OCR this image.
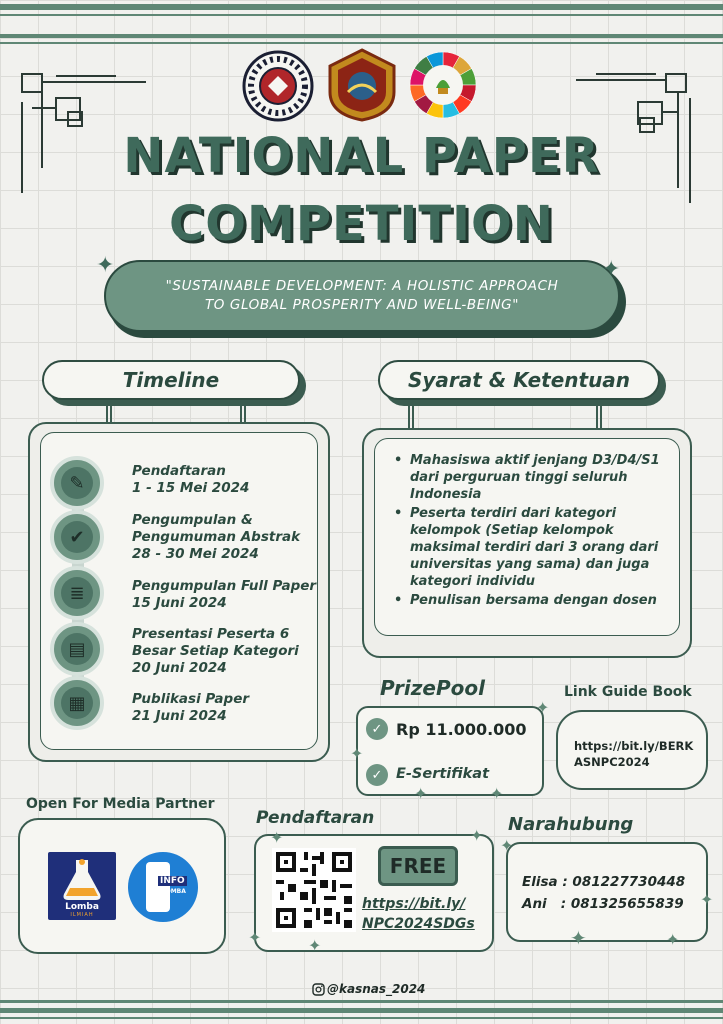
NATIONAL PAPER
COMPETITION
"SUSTAINABLE DEVELOPMENT: A HOLISTIC APPROACH
TO GLOBAL PROSPERITY AND WELL-BEING"
✦	✦
Timeline
✎
✔
≣
▤
▦
Pendaftaran
1 - 15 Mei 2024
Pengumpulan &
Pengumuman Abstrak
28 - 30 Mei 2024
Pengumpulan Full Paper
15 Juni 2024
Presentasi Peserta 6
Besar Setiap Kategori
20 Juni 2024
Publikasi Paper
21 Juni 2024
Syarat & Ketentuan
• Mahasiswa aktif jenjang D3/D4/S1 dari perguruan tinggi seluruh Indonesia
• Peserta terdiri dari kategori kelompok (Setiap kelompok maksimal terdiri dari 3 orang dari universitas yang sama) dan juga kategori individu
• Penulisan bersama dengan dosen
PrizePool
✓ Rp 11.000.000
✓ E-Sertifikat
✦
✦
✦	✦
Link Guide Book
https://bit.ly/BERK
ASNPC2024
Open For Media Partner
Lomba
ILMIAH
INFO
LOMBA
Pendaftaran
FREE
https://bit.ly/
NPC2024SDGs
✦	✦
✦	✦
Narahubung
Elisa : 081227730448
Ani   : 081325655839
✦
✦
✦	✦
@kasnas_2024
